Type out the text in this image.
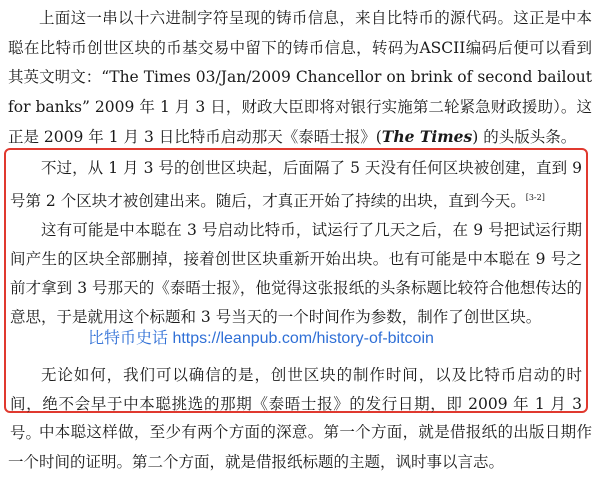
上面这一串以十六进制字符呈现的铸币信息，来自比特币的源代码。这正是中本聪在比特币创世区块的币基交易中留下的铸币信息，转码为ASCII编码后便可以看到其英文明文：“The Times 03/Jan/2009 Chancellor on brink of second bailout for banks” 2009 年 1 月 3 日，财政大臣即将对银行实施第二轮紧急财政援助）。这正是 2009 年 1 月 3 日比特币启动那天《泰晤士报》(The Times) 的头版头条。

不过，从 1 月 3 号的创世区块起，后面隔了 5 天没有任何区块被创建，直到 9 号第 2 个区块才被创建出来。随后，才真正开始了持续的出块，直到今天。[3-2]

这有可能是中本聪在 3 号启动比特币，试运行了几天之后，在 9 号把试运行期间产生的区块全部删掉，接着创世区块重新开始出块。也有可能是中本聪在 9 号之前才拿到 3 号那天的《泰晤士报》，他觉得这张报纸的头条标题比较符合他想传达的意思，于是就用这个标题和 3 号当天的一个时间作为参数，制作了创世区块。

无论如何，我们可以确信的是，创世区块的制作时间，以及比特币启动的时间，绝不会早于中本聪挑选的那期《泰晤士报》的发行日期，即 2009 年 1 月 3 号。

比特币史话 https://leanpub.com/history-of-bitcoin

中本聪这样做，至少有两个方面的深意。第一个方面，就是借报纸的出版日期作一个时间的证明。第二个方面，就是借报纸标题的主题，讽时事以言志。
